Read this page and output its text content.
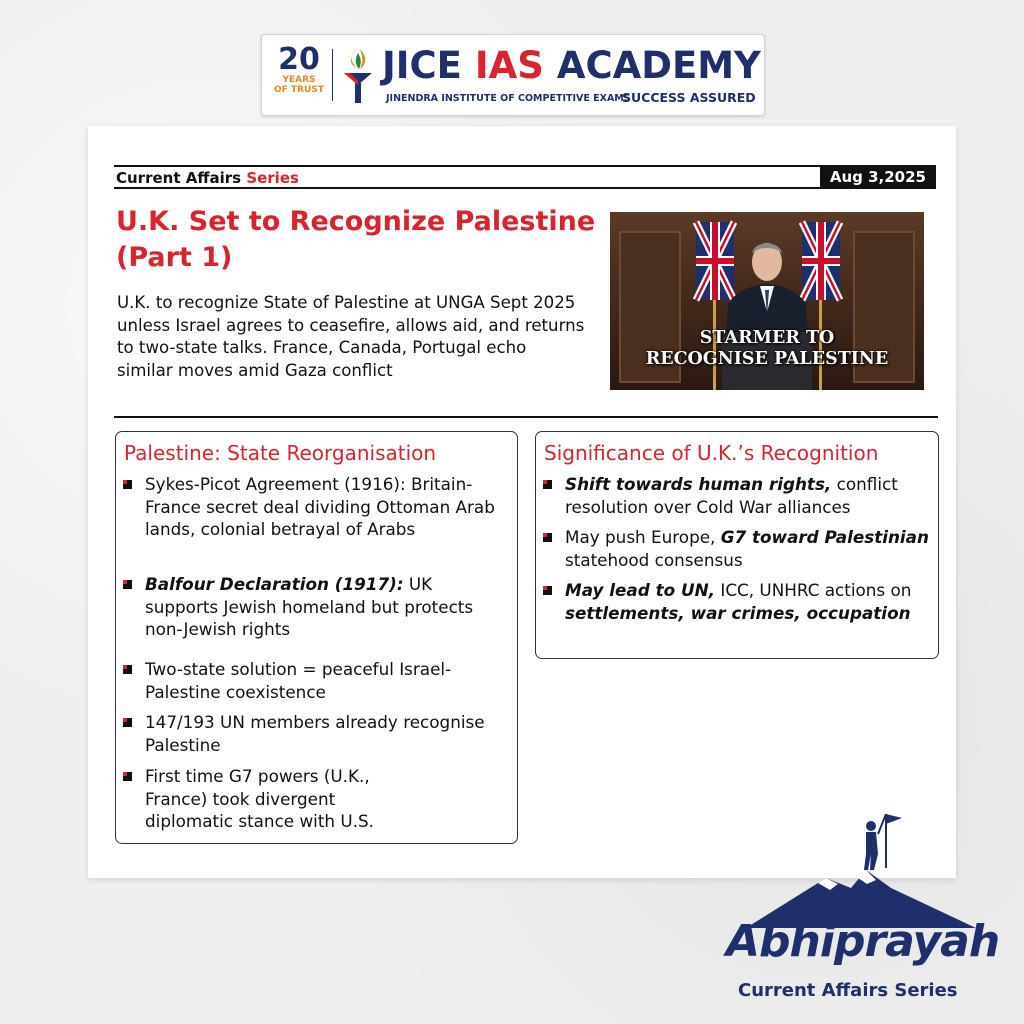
20
YEARS
OF TRUST
JICE IAS ACADEMY
JINENDRA INSTITUTE OF COMPETITIVE EXAMS
SUCCESS ASSURED
Current Affairs Series	Aug 3,2025
U.K. Set to Recognize Palestine
(Part 1)
U.K. to recognize State of Palestine at UNGA Sept 2025 unless Israel agrees to ceasefire, allows aid, and returns to two-state talks. France, Canada, Portugal echo similar moves amid Gaza conflict
STARMER TO
RECOGNISE PALESTINE
Palestine: State Reorganisation
Sykes-Picot Agreement (1916): Britain-France secret deal dividing Ottoman Arab lands, colonial betrayal of Arabs
Balfour Declaration (1917): UK supports Jewish homeland but protects non-Jewish rights
Two-state solution = peaceful Israel-Palestine coexistence
147/193 UN members already recognise Palestine
First time G7 powers (U.K., France) took divergent diplomatic stance with U.S.
Significance of U.K.’s Recognition
Shift towards human rights, conflict resolution over Cold War alliances
May push Europe, G7 toward Palestinian statehood consensus
May lead to UN, ICC, UNHRC actions on settlements, war crimes, occupation
Abhiprayah
Current Affairs Series
